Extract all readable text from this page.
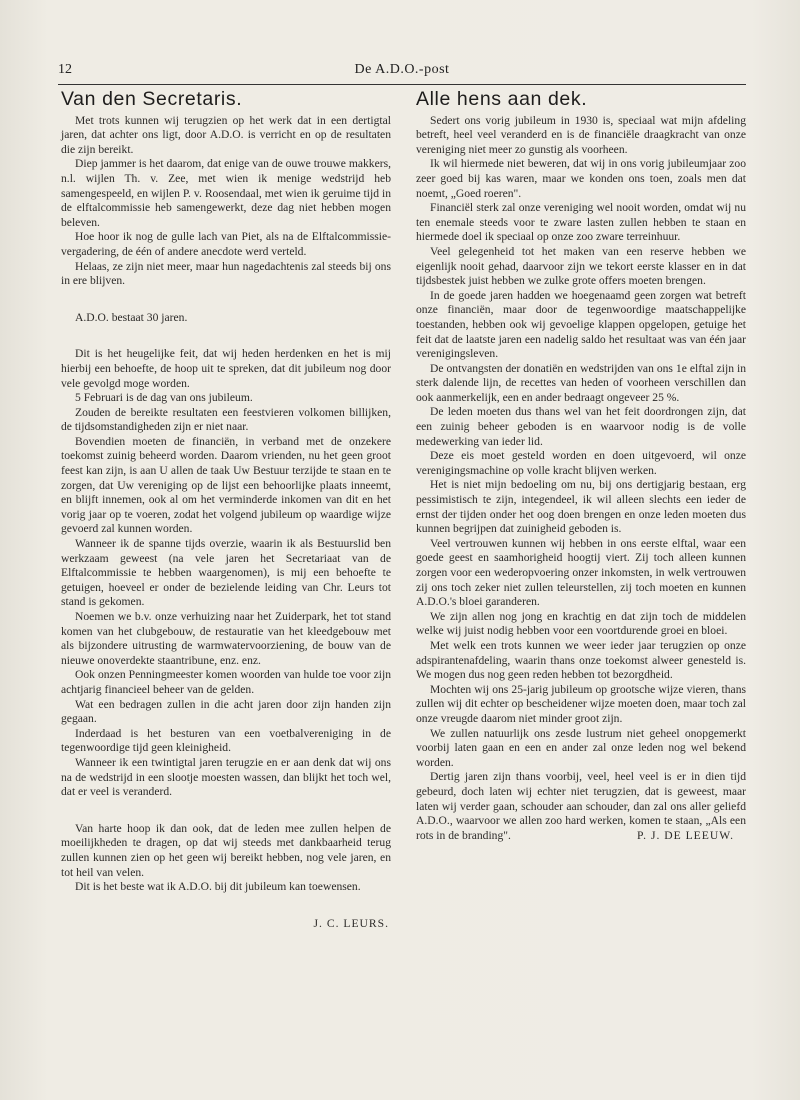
12	De A.D.O.-post
Van den Secretaris.

Met trots kunnen wij terugzien op het werk dat in een dertigtal jaren, dat achter ons ligt, door A.D.O. is verricht en op de resultaten die zijn bereikt.

Diep jammer is het daarom, dat enige van de ouwe trouwe makkers, n.l. wijlen Th. v. Zee, met wien ik menige wedstrijd heb samengespeeld, en wijlen P. v. Roosendaal, met wien ik geruime tijd in de elftalcommissie heb samengewerkt, deze dag niet hebben mogen beleven.

Hoe hoor ik nog de gulle lach van Piet, als na de Elftalcommissie-vergadering, de één of andere anecdote werd verteld.

Helaas, ze zijn niet meer, maar hun nagedachtenis zal steeds bij ons in ere blijven.

A.D.O. bestaat 30 jaren.

Dit is het heugelijke feit, dat wij heden herdenken en het is mij hierbij een behoefte, de hoop uit te spreken, dat dit jubileum nog door vele gevolgd moge worden.

5 Februari is de dag van ons jubileum.

Zouden de bereikte resultaten een feestvieren volkomen billijken, de tijdsomstandigheden zijn er niet naar.

Bovendien moeten de financiën, in verband met de onzekere toekomst zuinig beheerd worden. Daarom vrienden, nu het geen groot feest kan zijn, is aan U allen de taak Uw Bestuur terzijde te staan en te zorgen, dat Uw vereniging op de lijst een behoorlijke plaats inneemt, en blijft innemen, ook al om het verminderde inkomen van dit en het vorig jaar op te voeren, zodat het volgend jubileum op waardige wijze gevoerd zal kunnen worden.

Wanneer ik de spanne tijds overzie, waarin ik als Bestuurslid ben werkzaam geweest (na vele jaren het Secretariaat van de Elftalcommissie te hebben waargenomen), is mij een behoefte te getuigen, hoeveel er onder de bezielende leiding van Chr. Leurs tot stand is gekomen.

Noemen we b.v. onze verhuizing naar het Zuiderpark, het tot stand komen van het clubgebouw, de restauratie van het kleedgebouw met als bijzondere uitrusting de warmwatervoorziening, de bouw van de nieuwe onoverdekte staantribune, enz. enz.

Ook onzen Penningmeester komen woorden van hulde toe voor zijn achtjarig financieel beheer van de gelden.

Wat een bedragen zullen in die acht jaren door zijn handen zijn gegaan.

Inderdaad is het besturen van een voetbalvereniging in de tegenwoordige tijd geen kleinigheid.

Wanneer ik een twintigtal jaren terugzie en er aan denk dat wij ons na de wedstrijd in een slootje moesten wassen, dan blijkt het toch wel, dat er veel is veranderd.

Van harte hoop ik dan ook, dat de leden mee zullen helpen de moeilijkheden te dragen, op dat wij steeds met dankbaarheid terug zullen kunnen zien op het geen wij bereikt hebben, nog vele jaren, en tot heil van velen.

Dit is het beste wat ik A.D.O. bij dit jubileum kan toewensen.

J. C. LEURS.
Alle hens aan dek.

Sedert ons vorig jubileum in 1930 is, speciaal wat mijn afdeling betreft, heel veel veranderd en is de financiële draagkracht van onze vereniging niet meer zo gunstig als voorheen.

Ik wil hiermede niet beweren, dat wij in ons vorig jubileumjaar zoo zeer goed bij kas waren, maar we konden ons toen, zoals men dat noemt, „Goed roeren".

Financiël sterk zal onze vereniging wel nooit worden, omdat wij nu ten enemale steeds voor te zware lasten zullen hebben te staan en hiermede doel ik speciaal op onze zoo zware terreinhuur.

Veel gelegenheid tot het maken van een reserve hebben we eigenlijk nooit gehad, daarvoor zijn we tekort eerste klasser en in dat tijdsbestek juist hebben we zulke grote offers moeten brengen.

In de goede jaren hadden we hoegenaamd geen zorgen wat betreft onze financiën, maar door de tegenwoordige maatschappelijke toestanden, hebben ook wij gevoelige klappen opgelopen, getuige het feit dat de laatste jaren een nadelig saldo het resultaat was van één jaar verenigingsleven.

De ontvangsten der donatiën en wedstrijden van ons 1e elftal zijn in sterk dalende lijn, de recettes van heden of voorheen verschillen dan ook aanmerkelijk, een en ander bedraagt ongeveer 25 %.

De leden moeten dus thans wel van het feit doordrongen zijn, dat een zuinig beheer geboden is en waarvoor nodig is de volle medewerking van ieder lid.

Deze eis moet gesteld worden en doen uitgevoerd, wil onze verenigingsmachine op volle kracht blijven werken.

Het is niet mijn bedoeling om nu, bij ons dertigjarig bestaan, erg pessimistisch te zijn, integendeel, ik wil alleen slechts een ieder de ernst der tijden onder het oog doen brengen en onze leden moeten dus kunnen begrijpen dat zuinigheid geboden is.

Veel vertrouwen kunnen wij hebben in ons eerste elftal, waar een goede geest en saamhorigheid hoogtij viert. Zij toch alleen kunnen zorgen voor een wederopvoering onzer inkomsten, in welk vertrouwen zij ons toch zeker niet zullen teleurstellen, zij toch moeten en kunnen A.D.O.'s bloei garanderen.

We zijn allen nog jong en krachtig en dat zijn toch de middelen welke wij juist nodig hebben voor een voortdurende groei en bloei.

Met welk een trots kunnen we weer ieder jaar terugzien op onze adspirantenafdeling, waarin thans onze toekomst alweer genesteld is. We mogen dus nog geen reden hebben tot bezorgdheid.

Mochten wij ons 25-jarig jubileum op grootsche wijze vieren, thans zullen wij dit echter op bescheidener wijze moeten doen, maar toch zal onze vreugde daarom niet minder groot zijn.

We zullen natuurlijk ons zesde lustrum niet geheel onopgemerkt voorbij laten gaan en een en ander zal onze leden nog wel bekend worden.

Dertig jaren zijn thans voorbij, veel, heel veel is er in dien tijd gebeurd, doch laten wij echter niet terugzien, dat is geweest, maar laten wij verder gaan, schouder aan schouder, dan zal ons aller geliefd A.D.O., waarvoor we allen zoo hard werken, komen te staan, „Als een rots in de branding".	P. J. DE LEEUW.
